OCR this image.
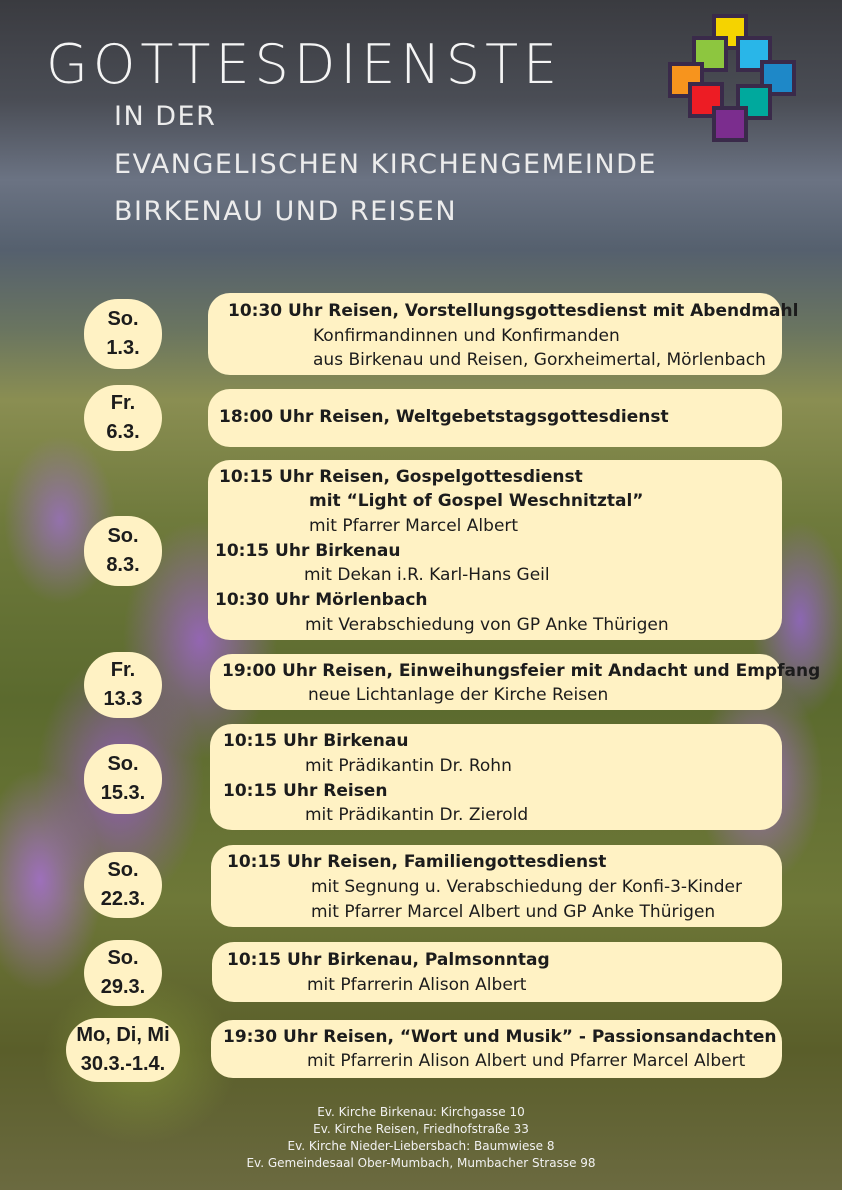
GOTTESDIENSTE

IN DER

EVANGELISCHEN KIRCHENGEMEINDE

BIRKENAU UND REISEN

So.
1.3.
10:30 Uhr Reisen, Vorstellungsgottesdienst mit Abendmahl
Konfirmandinnen und Konfirmanden
aus Birkenau und Reisen, Gorxheimertal, Mörlenbach
Fr.
6.3.
18:00 Uhr Reisen, Weltgebetstagsgottesdienst
So.
8.3.
10:15 Uhr Reisen, Gospelgottesdienst
mit “Light of Gospel Weschnitztal”
mit Pfarrer Marcel Albert
10:15 Uhr Birkenau
mit Dekan i.R. Karl-Hans Geil
10:30 Uhr Mörlenbach
mit Verabschiedung von GP Anke Thürigen
Fr.
13.3
19:00 Uhr Reisen, Einweihungsfeier mit Andacht und Empfang
neue Lichtanlage der Kirche Reisen
So.
15.3.
10:15 Uhr Birkenau
mit Prädikantin Dr. Rohn
10:15 Uhr Reisen
mit Prädikantin Dr. Zierold
So.
22.3.
10:15 Uhr Reisen, Familiengottesdienst
mit Segnung u. Verabschiedung der Konfi-3-Kinder
mit Pfarrer Marcel Albert und GP Anke Thürigen
So.
29.3.
10:15 Uhr Birkenau, Palmsonntag
mit Pfarrerin Alison Albert
Mo, Di, Mi
30.3.-1.4.
19:30 Uhr Reisen, “Wort und Musik” - Passionsandachten
mit Pfarrerin Alison Albert und Pfarrer Marcel Albert
Ev. Kirche Birkenau: Kirchgasse 10
Ev. Kirche Reisen, Friedhofstraße 33
Ev. Kirche Nieder-Liebersbach: Baumwiese 8
Ev. Gemeindesaal Ober-Mumbach, Mumbacher Strasse 98
